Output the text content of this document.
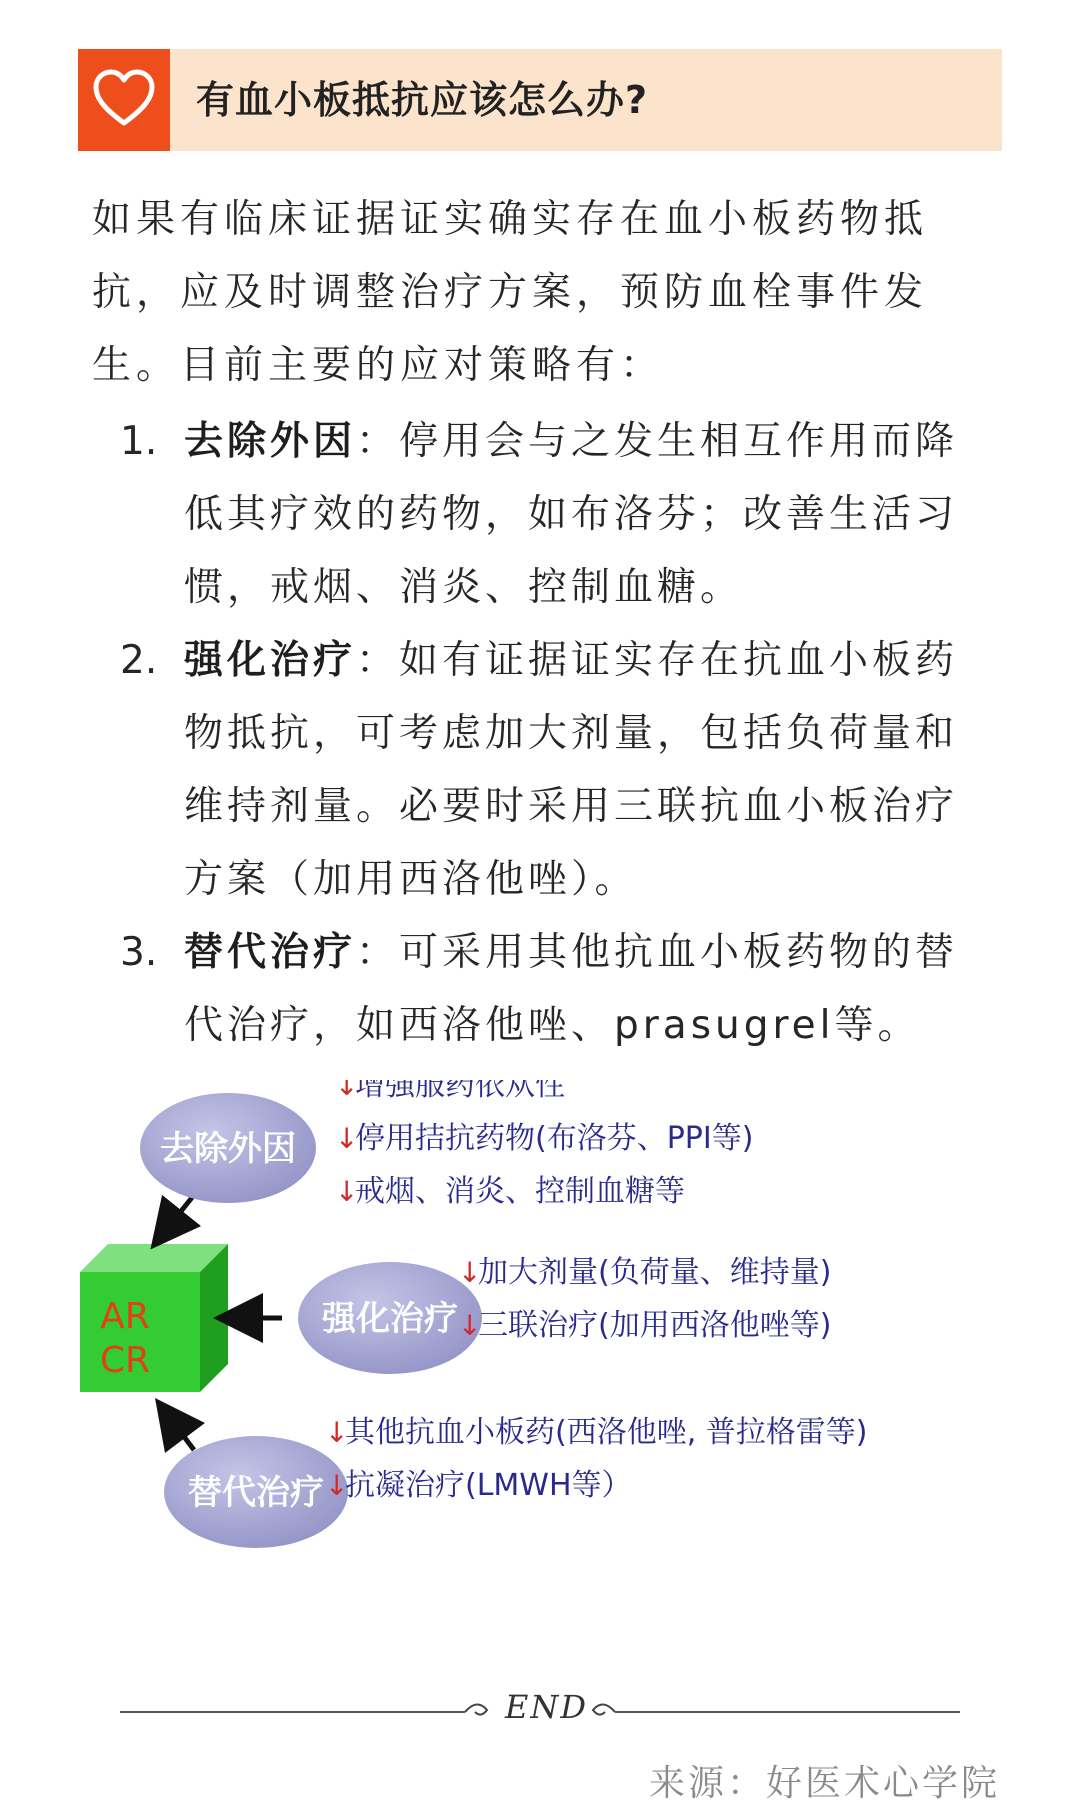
有血小板抵抗应该怎么办?
如果有临床证据证实确实存在血小板药物抵抗，应及时调整治疗方案，预防血栓事件发生。目前主要的应对策略有：
1. 去除外因：停用会与之发生相互作用而降低其疗效的药物，如布洛芬；改善生活习惯，戒烟、消炎、控制血糖。
2. 强化治疗：如有证据证实存在抗血小板药物抵抗，可考虑加大剂量，包括负荷量和维持剂量。必要时采用三联抗血小板治疗方案（加用西洛他唑）。
3. 替代治疗：可采用其他抗血小板药物的替代治疗，如西洛他唑、prasugrel等。
AR
CR
去除外因
强化治疗
替代治疗
↓
增强服药依从性
↓
停用拮抗药物(布洛芬、PPI等)
↓
戒烟、消炎、控制血糖等
↓
加大剂量(负荷量、维持量)
↓
三联治疗(加用西洛他唑等)
↓
其他抗血小板药(西洛他唑, 普拉格雷等)
↓
抗凝治疗(LMWH等）
END
来源：好医术心学院
